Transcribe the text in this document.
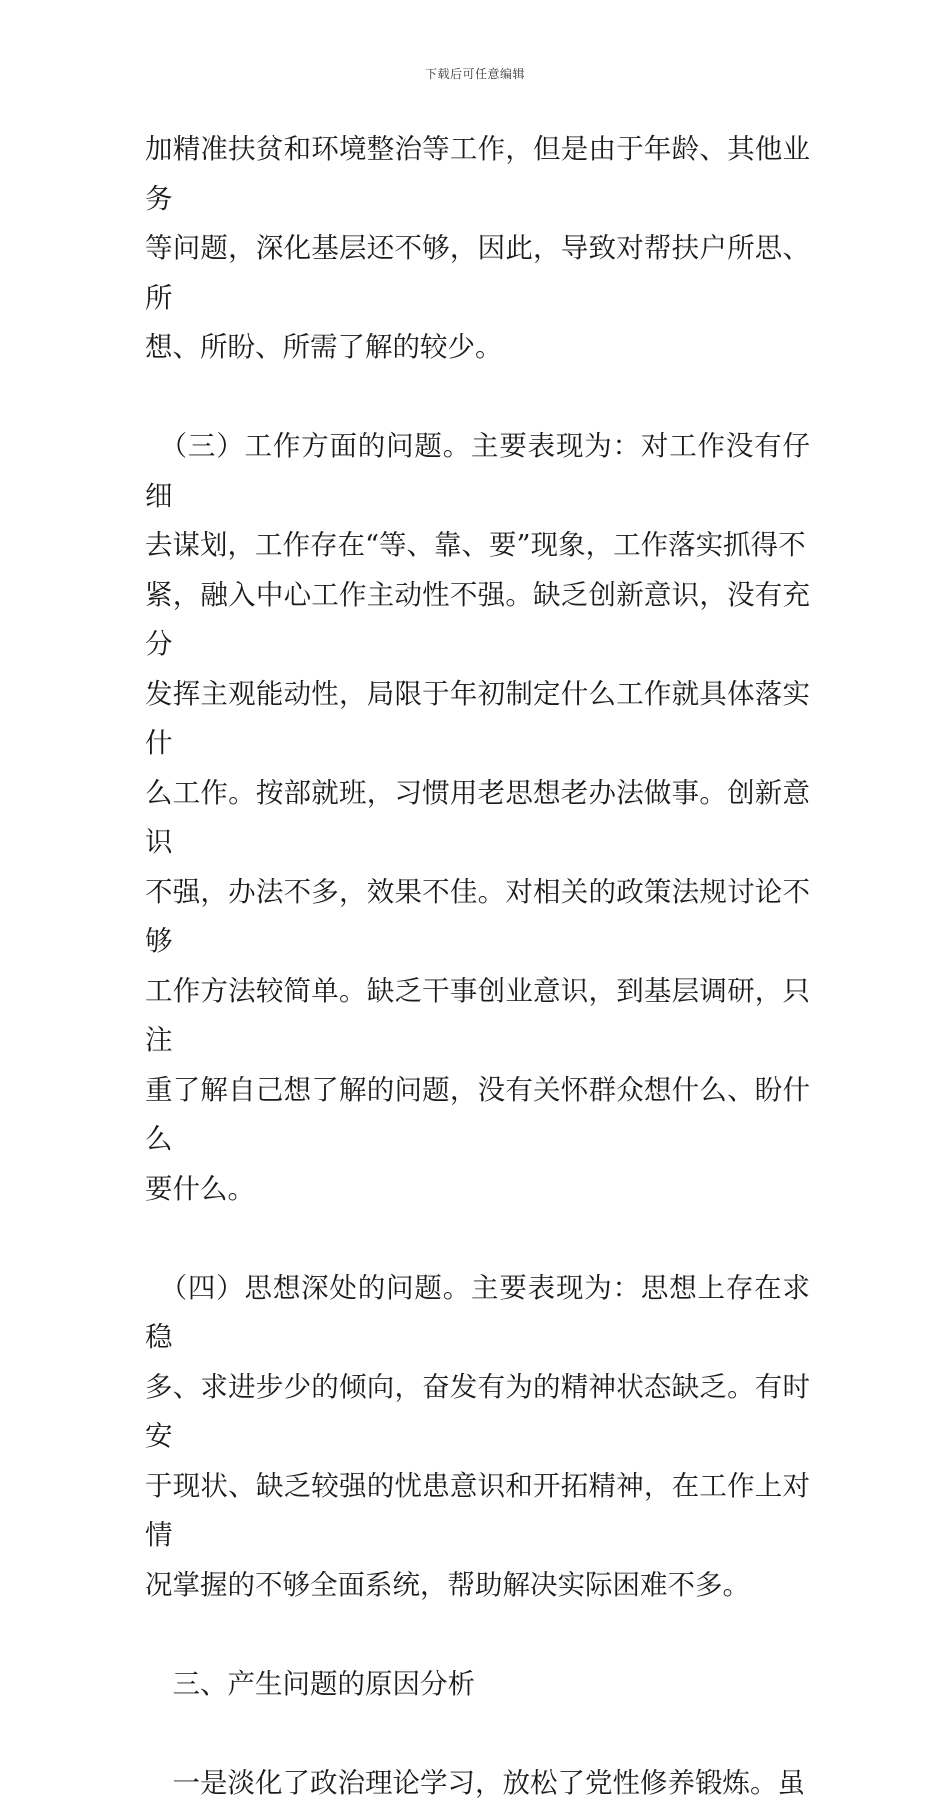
下载后可任意编辑
加精准扶贫和环境整治等工作，但是由于年龄、其他业务
等问题，深化基层还不够，因此，导致对帮扶户所思、所
想、所盼、所需了解的较少。
　（三）工作方面的问题。主要表现为：对工作没有仔细
去谋划，工作存在“等、靠、要”现象，工作落实抓得不
紧，融入中心工作主动性不强。缺乏创新意识，没有充分
发挥主观能动性，局限于年初制定什么工作就具体落实什
么工作。按部就班，习惯用老思想老办法做事。创新意识
不强，办法不多，效果不佳。对相关的政策法规讨论不够
工作方法较简单。缺乏干事创业意识，到基层调研，只注
重了解自己想了解的问题，没有关怀群众想什么、盼什么
要什么。
　（四）思想深处的问题。主要表现为：思想上存在求稳
多、求进步少的倾向，奋发有为的精神状态缺乏。有时安
于现状、缺乏较强的忧患意识和开拓精神，在工作上对情
况掌握的不够全面系统，帮助解决实际困难不多。
　三、产生问题的原因分析
　一是淡化了政治理论学习，放松了党性修养锻炼。虽
